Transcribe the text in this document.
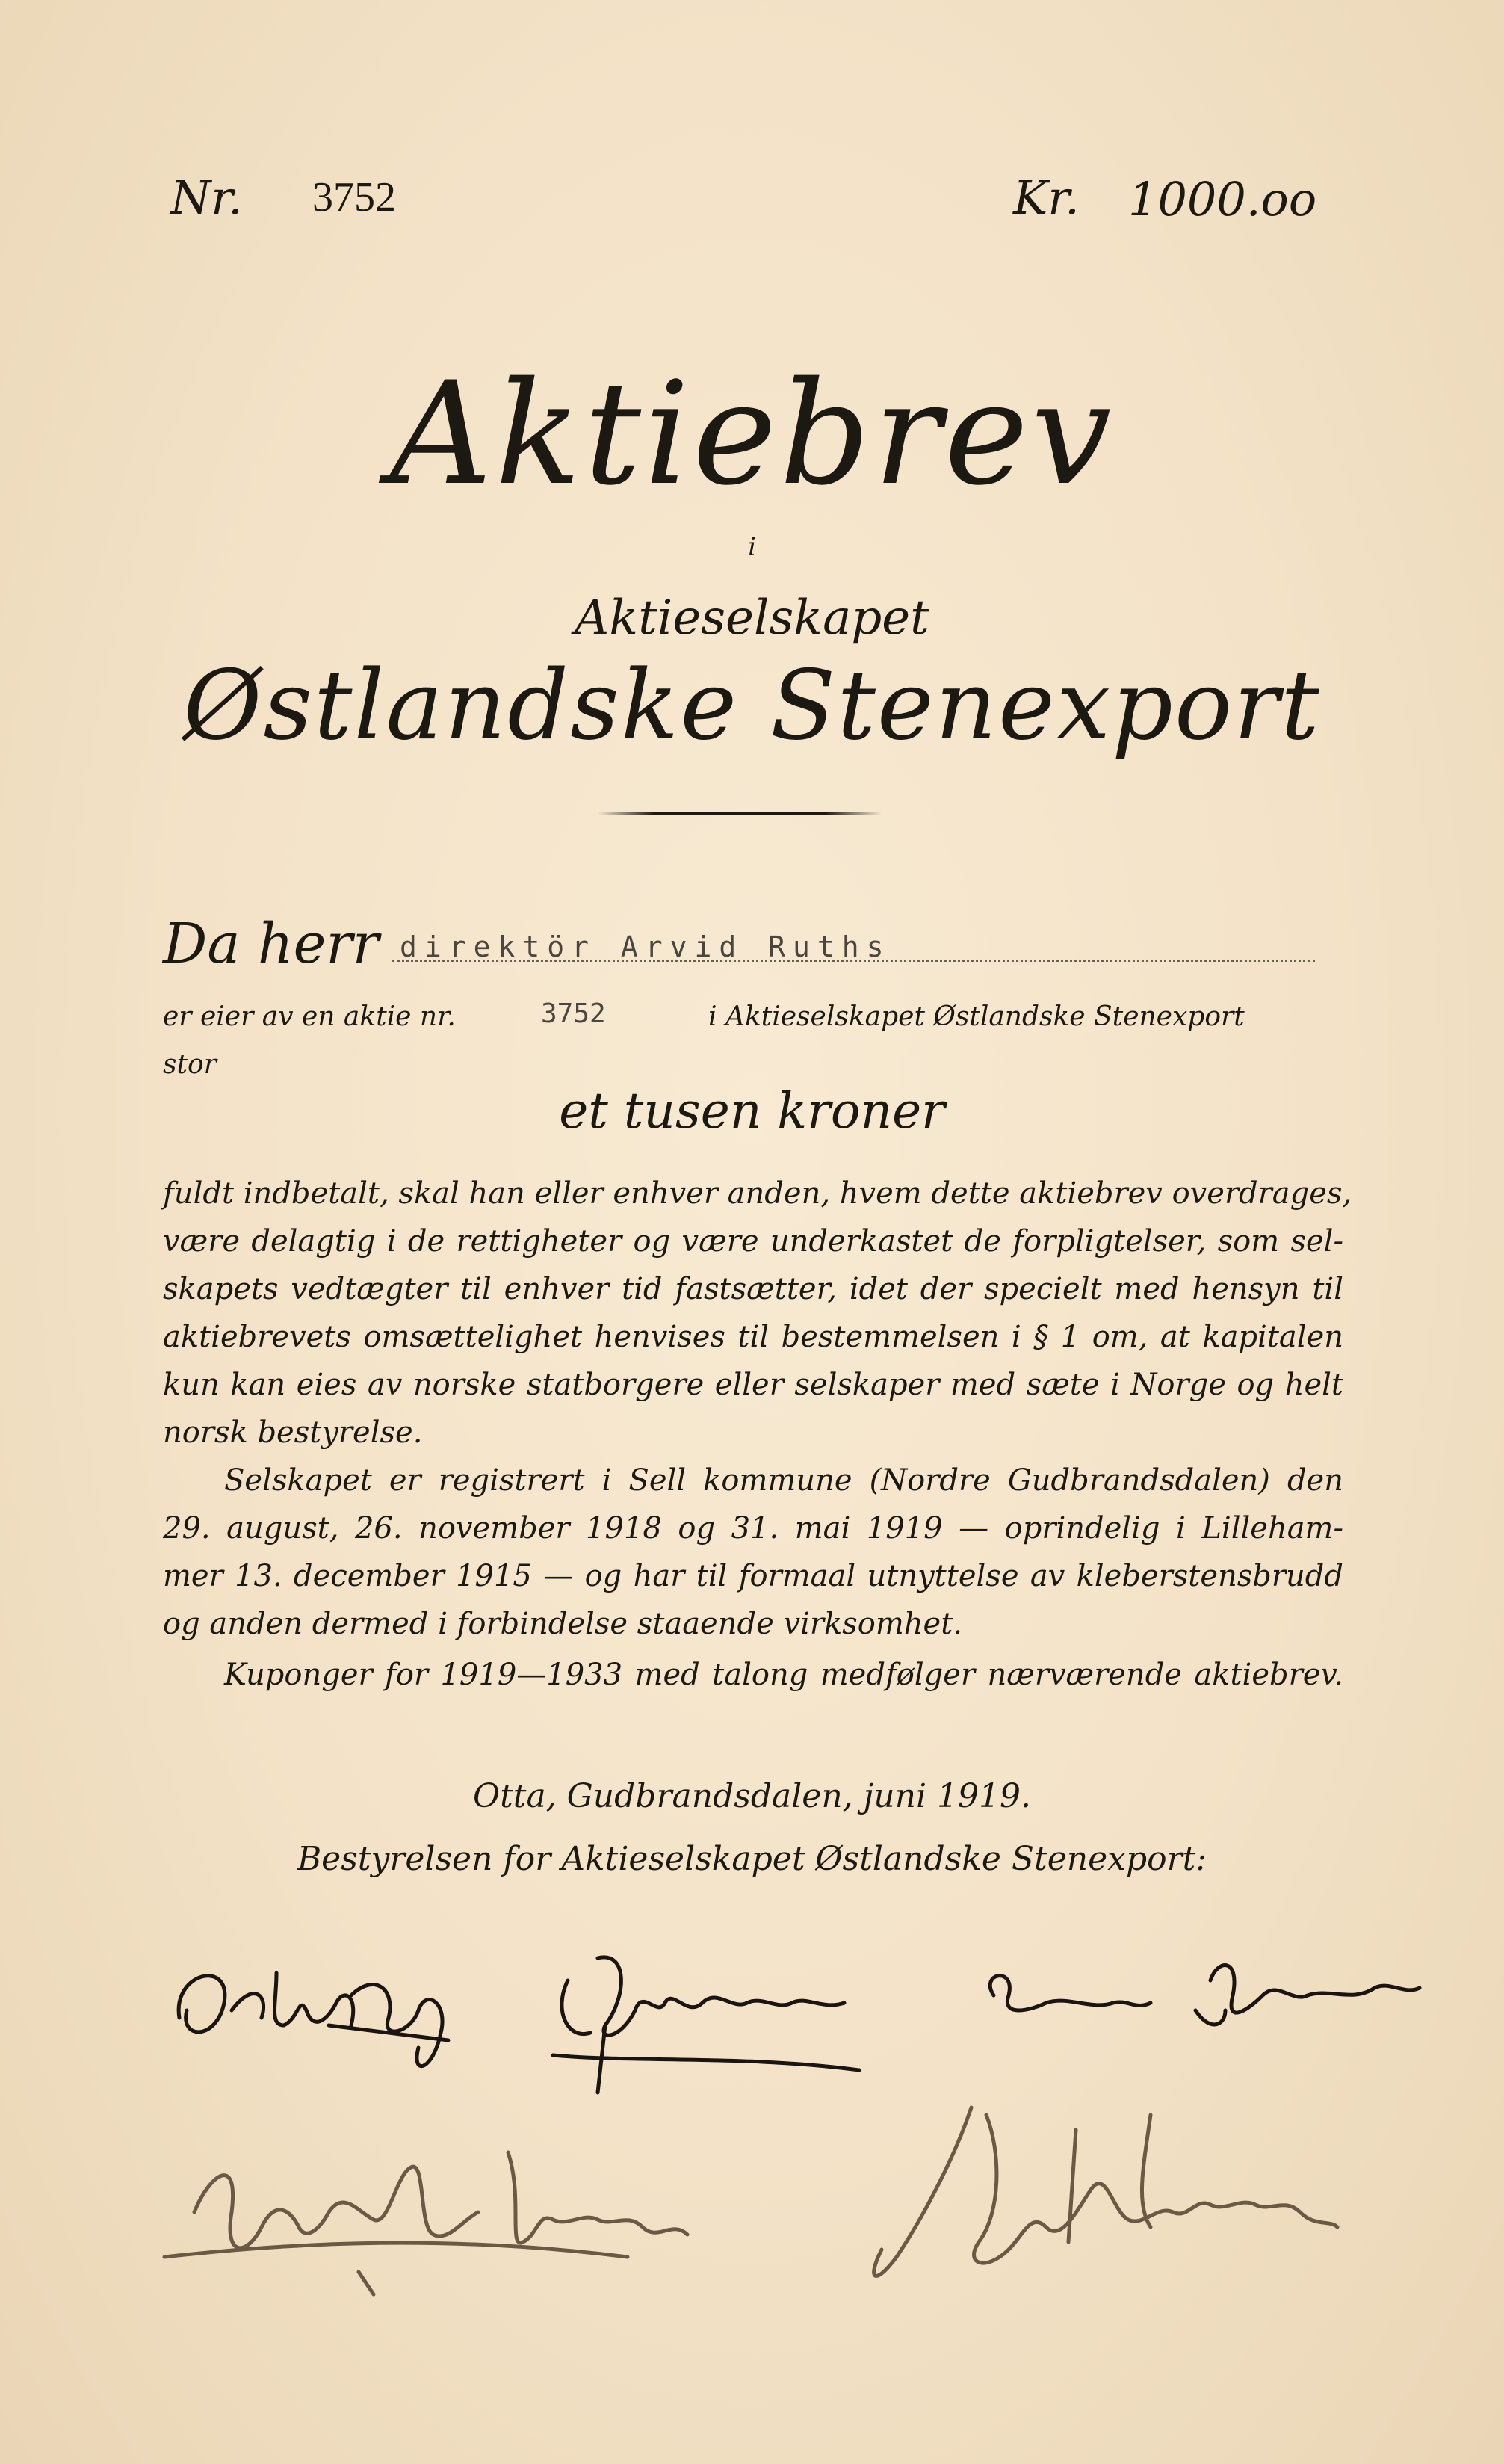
Nr. 3752	Kr. 1000.oo
Aktiebrev
i
Aktieselskapet
Østlandske Stenexport
Da herr direktör Arvid Ruths
er eier av en aktie nr.	3752	i Aktieselskapet Østlandske Stenexport
stor
et tusen kroner
fuldt indbetalt, skal han eller enhver anden, hvem dette aktiebrev overdrages,
være delagtig i de rettigheter og være underkastet de forpligtelser, som sel-
skapets vedtægter til enhver tid fastsætter, idet der specielt med hensyn til
aktiebrevets omsættelighet henvises til bestemmelsen i § 1 om, at kapitalen
kun kan eies av norske statborgere eller selskaper med sæte i Norge og helt
norsk bestyrelse.
Selskapet er registrert i Sell kommune (Nordre Gudbrandsdalen) den
29. august, 26. november 1918 og 31. mai 1919 — oprindelig i Lilleham-
mer 13. december 1915 — og har til formaal utnyttelse av kleberstensbrudd
og anden dermed i forbindelse staaende virksomhet.
Kuponger for 1919—1933 med talong medfølger nærværende aktiebrev.
Otta, Gudbrandsdalen, juni 1919.
Bestyrelsen for Aktieselskapet Østlandske Stenexport:
